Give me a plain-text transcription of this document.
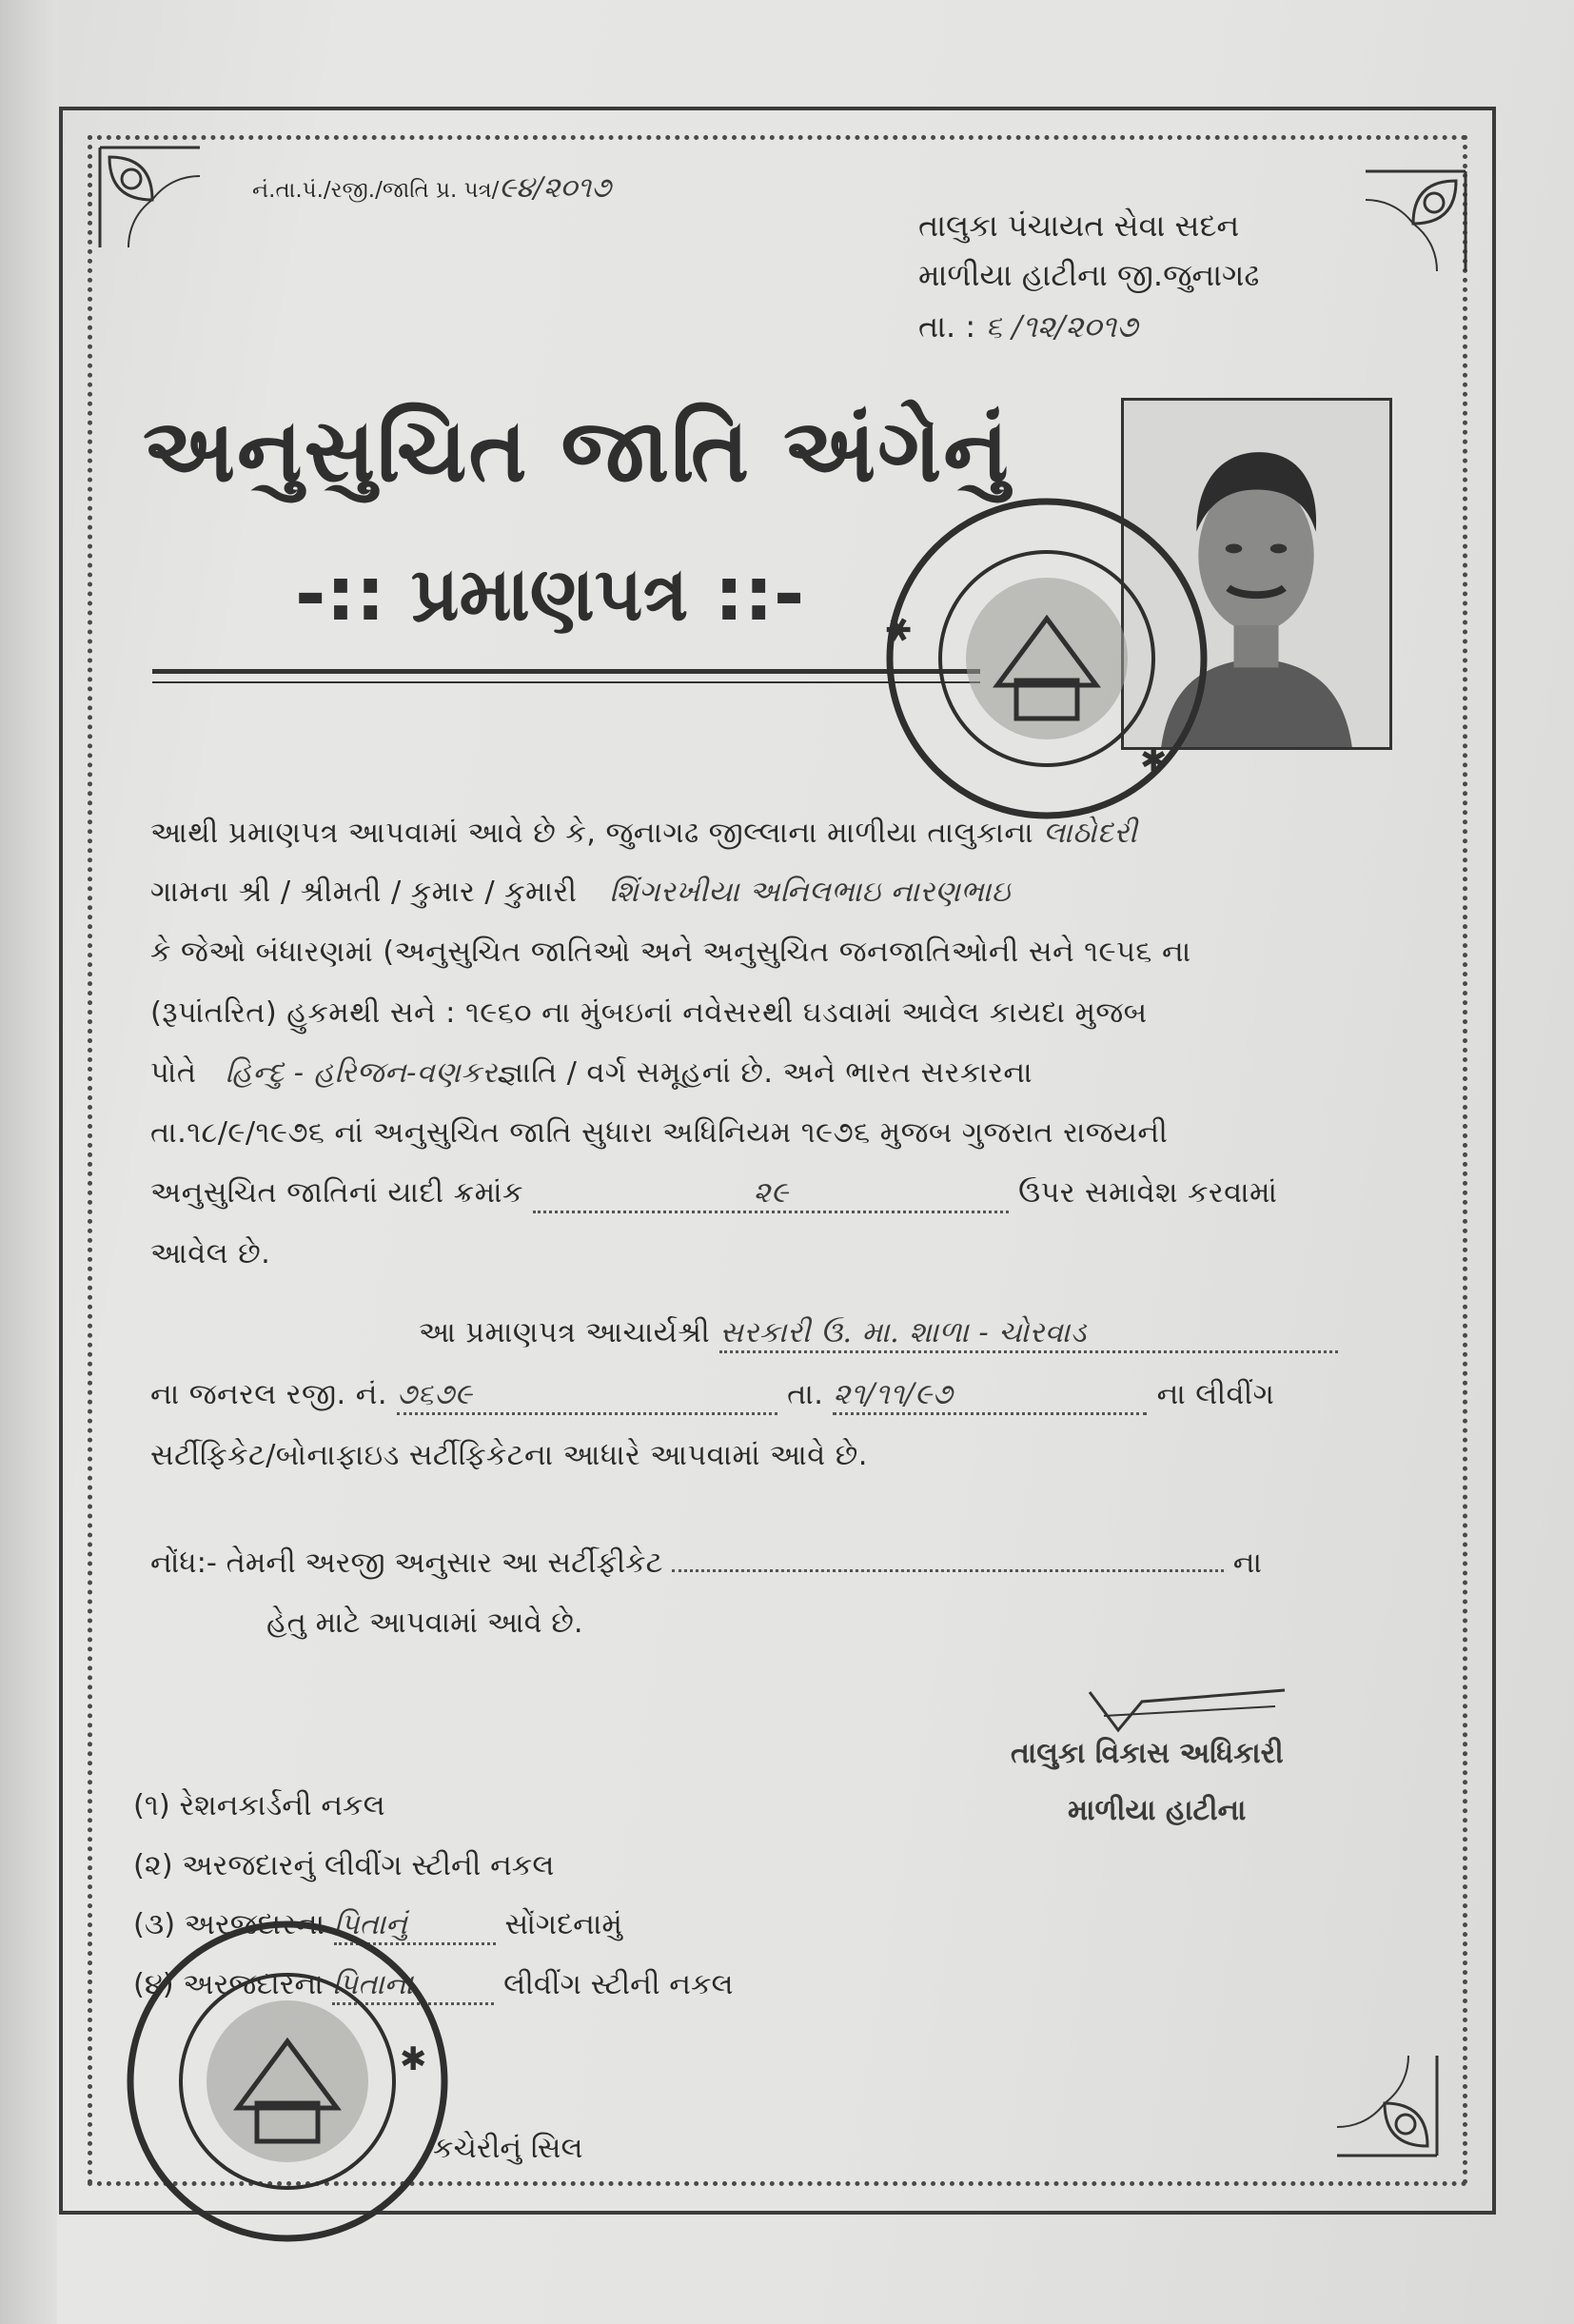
નં.તા.પં./રજી./જાતિ પ્ર. પત્ર/૯૪/૨૦૧૭
તાલુકા પંચાયત સેવા સદન
માળીયા હાટીના જી.જુનાગઢ
તા. : ૬ /૧૨/૨૦૧૭
અનુસુચિત જાતિ અંગેનું
-:: પ્રમાણપત્ર ::- ✱
✱
આથી પ્રમાણપત્ર આપવામાં આવે છે કે, જુનાગઢ જીલ્લાના માળીયા તાલુકાના લાઠોદરી
ગામના શ્રી / શ્રીમતી / કુમાર / કુમારી શિંગરખીયા અનિલભાઇ નારણભાઇ
કે જેઓ બંધારણમાં (અનુસુચિત જાતિઓ અને અનુસુચિત જનજાતિઓની સને ૧૯૫૬ ના
(રૂપાંતરિત) હુકમથી સને : ૧૯૬૦ ના મુંબઇનાં નવેસરથી ઘડવામાં આવેલ કાયદા મુજબ
પોતે હિન્દુ - હરિજન-વણકરજ્ઞાતિ / વર્ગ સમૂહનાં છે. અને ભારત સરકારના
તા.૧૮/૯/૧૯૭૬ નાં અનુસુચિત જાતિ સુધારા અધિનિયમ ૧૯૭૬ મુજબ ગુજરાત રાજયની
અનુસુચિત જાતિનાં યાદી ક્રમાંક	૨૯	ઉપર સમાવેશ કરવામાં
આવેલ છે.
આ પ્રમાણપત્ર આચાર્યશ્રી સરકારી ઉ. મા. શાળા - ચોરવાડ
ના જનરલ રજી. નં. ૭૬૭૯	તા. ૨૧/૧૧/૯૭	ના લીવીંગ
સર્ટીફિકેટ/બોનાફાઇડ સર્ટીફિકેટના આધારે આપવામાં આવે છે.
નોંધ:- તેમની અરજી અનુસાર આ સર્ટીફીકેટ	ના
હેતુ માટે આપવામાં આવે છે.
તાલુકા વિકાસ અધિકારી
માળીયા હાટીના
(૧) રેશનકાર્ડની નકલ
(૨) અરજદારનું લીવીંગ સ્ટીની નકલ
(૩) અરજદારના પિતાનું	સોંગદનામું
(૪) અરજદારના પિતાના	લીવીંગ સ્ટીની નકલ
કચેરીનું સિલ
✱
